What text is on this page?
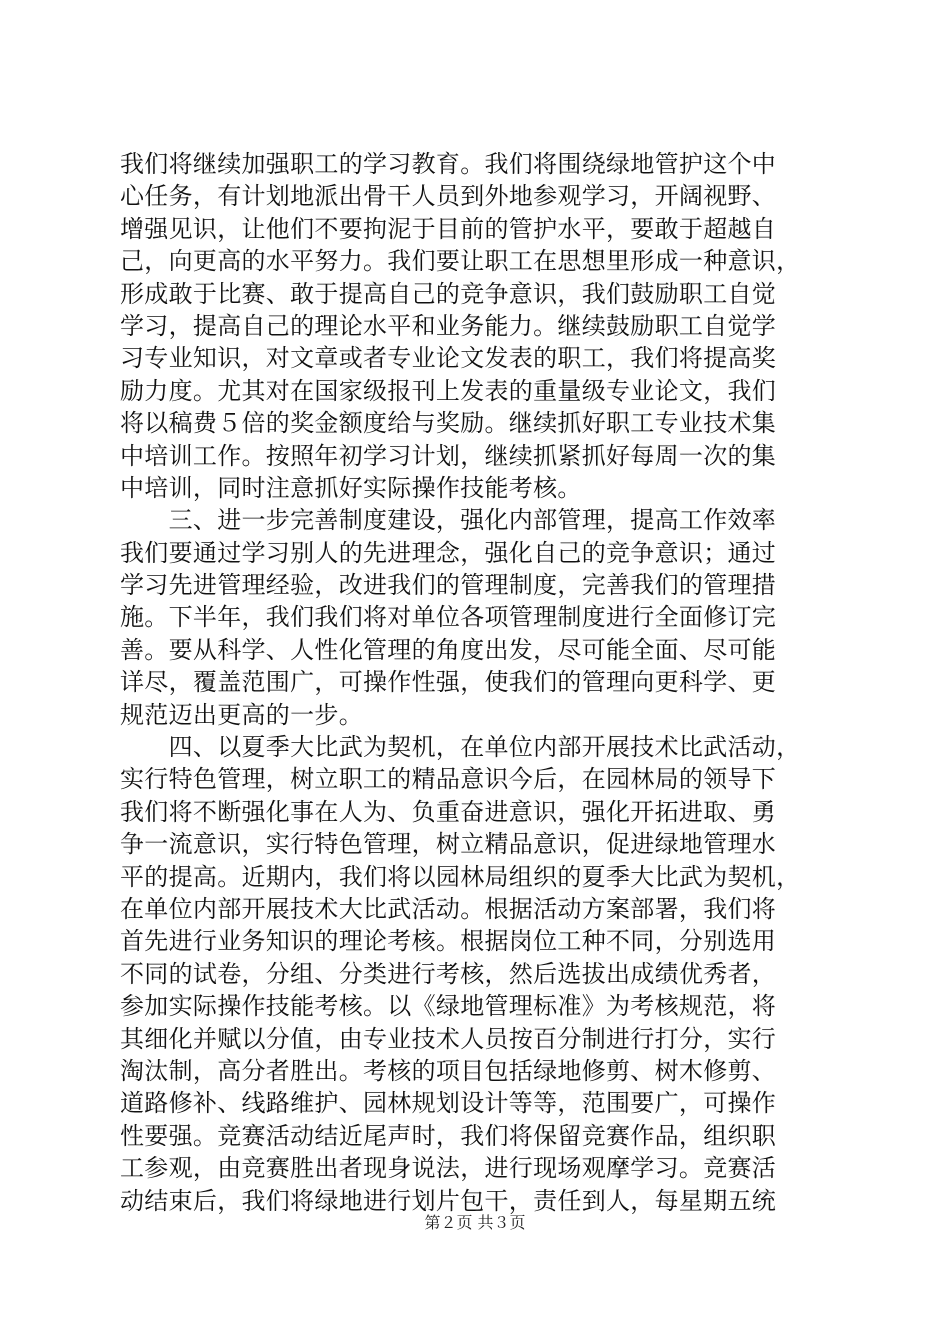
我们将继续加强职工的学习教育。我们将围绕绿地管护这个中
心任务，有计划地派出骨干人员到外地参观学习，开阔视野、
增强见识，让他们不要拘泥于目前的管护水平，要敢于超越自
己，向更高的水平努力。我们要让职工在思想里形成一种意识，
形成敢于比赛、敢于提高自己的竞争意识，我们鼓励职工自觉
学习，提高自己的理论水平和业务能力。继续鼓励职工自觉学
习专业知识，对文章或者专业论文发表的职工，我们将提高奖
励力度。尤其对在国家级报刊上发表的重量级专业论文，我们
将以稿费５倍的奖金额度给与奖励。继续抓好职工专业技术集
中培训工作。按照年初学习计划，继续抓紧抓好每周一次的集
中培训，同时注意抓好实际操作技能考核。
　　三、进一步完善制度建设，强化内部管理，提高工作效率
我们要通过学习别人的先进理念，强化自己的竞争意识；通过
学习先进管理经验，改进我们的管理制度，完善我们的管理措
施。下半年，我们我们将对单位各项管理制度进行全面修订完
善。要从科学、人性化管理的角度出发，尽可能全面、尽可能
详尽，覆盖范围广，可操作性强，使我们的管理向更科学、更
规范迈出更高的一步。
　　四、以夏季大比武为契机，在单位内部开展技术比武活动，
实行特色管理，树立职工的精品意识今后，在园林局的领导下
我们将不断强化事在人为、负重奋进意识，强化开拓进取、勇
争一流意识，实行特色管理，树立精品意识，促进绿地管理水
平的提高。近期内，我们将以园林局组织的夏季大比武为契机，
在单位内部开展技术大比武活动。根据活动方案部署，我们将
首先进行业务知识的理论考核。根据岗位工种不同，分别选用
不同的试卷，分组、分类进行考核，然后选拔出成绩优秀者，
参加实际操作技能考核。以《绿地管理标准》为考核规范，将
其细化并赋以分值，由专业技术人员按百分制进行打分，实行
淘汰制，高分者胜出。考核的项目包括绿地修剪、树木修剪、
道路修补、线路维护、园林规划设计等等，范围要广，可操作
性要强。竞赛活动结近尾声时，我们将保留竞赛作品，组织职
工参观，由竞赛胜出者现身说法，进行现场观摩学习。竞赛活
动结束后，我们将绿地进行划片包干，责任到人，每星期五统
第２页 共３页
